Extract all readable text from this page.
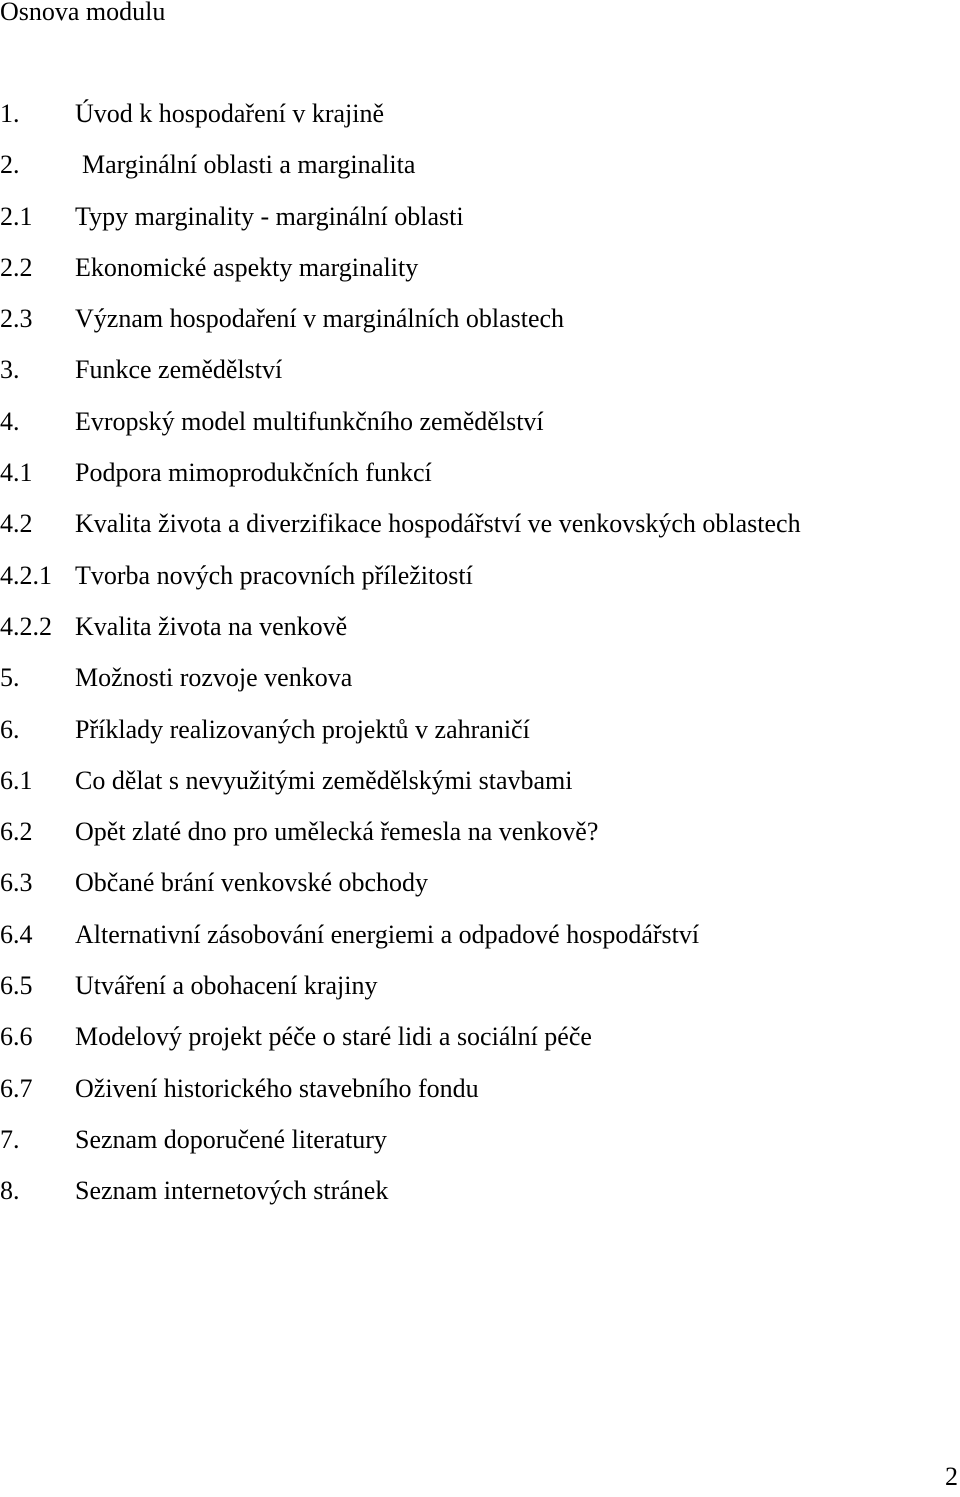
Osnova modulu
1. Úvod k hospodaření v krajině
2. Marginální oblasti a marginalita
2.1 Typy marginality - marginální oblasti
2.2 Ekonomické aspekty marginality
2.3 Význam hospodaření v marginálních oblastech
3. Funkce zemědělství
4. Evropský model multifunkčního zemědělství
4.1 Podpora mimoprodukčních funkcí
4.2 Kvalita života a diverzifikace hospodářství ve venkovských oblastech
4.2.1 Tvorba nových pracovních příležitostí
4.2.2 Kvalita života na venkově
5. Možnosti rozvoje venkova
6. Příklady realizovaných projektů v zahraničí
6.1 Co dělat s nevyužitými zemědělskými stavbami
6.2 Opět zlaté dno pro umělecká řemesla na venkově?
6.3 Občané brání venkovské obchody
6.4 Alternativní zásobování energiemi a odpadové hospodářství
6.5 Utváření a obohacení krajiny
6.6 Modelový projekt péče o staré lidi a sociální péče
6.7 Oživení historického stavebního fondu
7. Seznam doporučené literatury
8. Seznam internetových stránek
2
